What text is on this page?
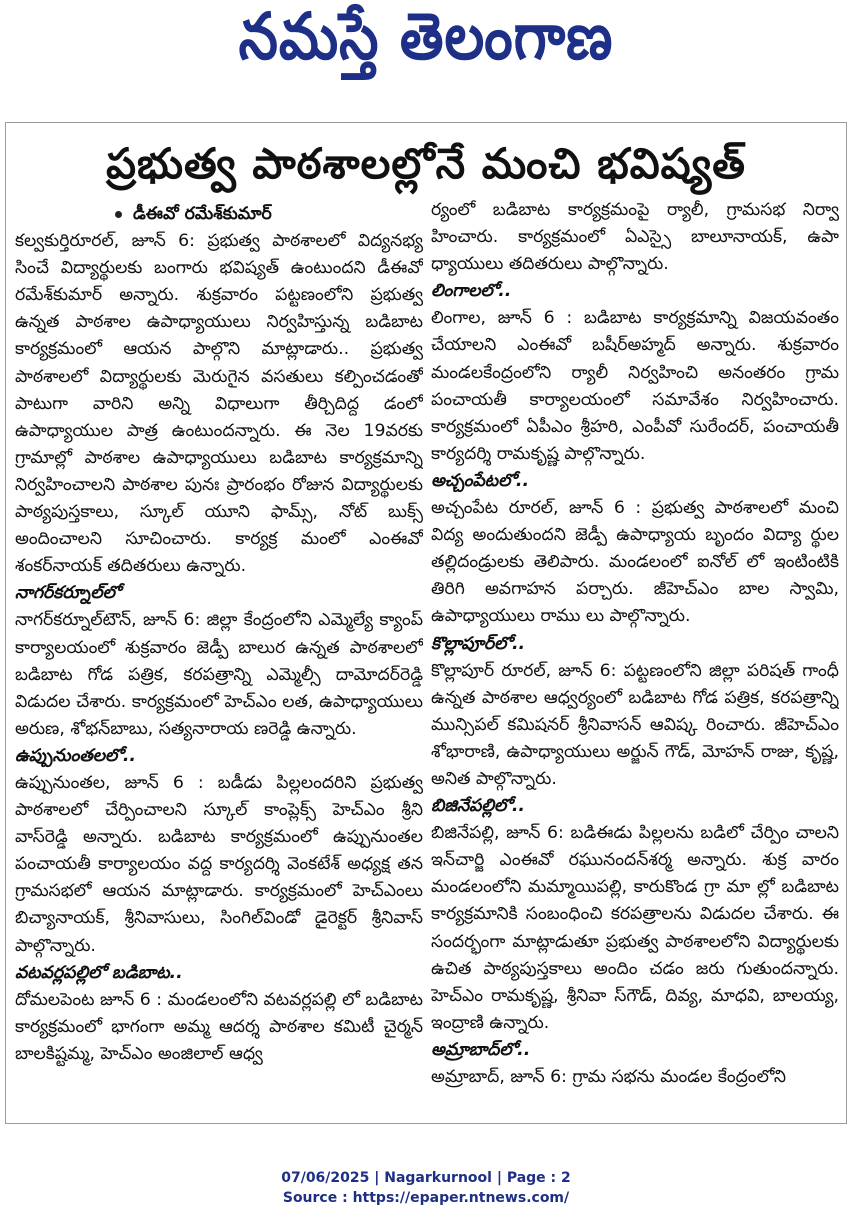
నమస్తే తెలంగాణ
ప్రభుత్వ పాఠశాలల్లోనే మంచి భవిష్యత్
డీఈవో రమేశ్‌కుమార్
కల్వకుర్తిరూరల్, జూన్ 6: ప్రభుత్వ పాఠశాలలో విద్యనభ్య సించే విద్యార్థులకు బంగారు భవిష్యత్ ఉంటుందని డీఈవో రమేశ్‌కుమార్ అన్నారు. శుక్రవారం పట్టణంలోని ప్రభుత్వ ఉన్నత పాఠశాల ఉపాధ్యాయులు నిర్వహిస్తున్న బడిబాట కార్యక్రమంలో ఆయన పాల్గొని మాట్లాడారు.. ప్రభుత్వ పాఠశాలలో విద్యార్థులకు మెరుగైన వసతులు కల్పించడంతో పాటుగా వారిని అన్ని విధాలుగా తీర్చిదిద్ద డంలో ఉపాధ్యాయుల పాత్ర ఉంటుందన్నారు. ఈ నెల 19వరకు గ్రామాల్లో పాఠశాల ఉపాధ్యాయులు బడిబాట కార్యక్రమాన్ని నిర్వహించాలని పాఠశాల పునః ప్రారంభం రోజున విద్యార్థులకు పాఠ్యపుస్తకాలు, స్కూల్ యూని ఫామ్స్, నోట్ బుక్స్ అందించాలని సూచించారు. కార్యక్ర మంలో ఎంఈవో శంకర్‌నాయక్ తదితరులు ఉన్నారు.
నాగర్‌కర్నూల్‌లో
నాగర్‌కర్నూల్‌టౌన్, జూన్ 6: జిల్లా కేంద్రంలోని ఎమ్మెల్యే క్యాంప్ కార్యాలయంలో శుక్రవారం జెడ్పీ బాలుర ఉన్నత పాఠశాలలో బడిబాట గోడ పత్రిక, కరపత్రాన్ని ఎమ్మెల్సీ దామోదర్‌రెడ్డి విడుదల చేశారు. కార్యక్రమంలో హెచ్‌ఎం లత, ఉపాధ్యాయులు అరుణ, శోభన్‌బాబు, సత్యనారాయ ణరెడ్డి ఉన్నారు.
ఉప్పునుంతలలో..
ఉప్పునుంతల, జూన్ 6 : బడీడు పిల్లలందరిని ప్రభుత్వ పాఠశాలలో చేర్పించాలని స్కూల్ కాంప్లెక్స్ హెచ్‌ఎం శ్రీని వాస్‌రెడ్డి అన్నారు. బడిబాట కార్యక్రమంలో ఉప్పునుంతల పంచాయతీ కార్యాలయం వద్ద కార్యదర్శి వెంకటేశ్ అధ్యక్ష తన గ్రామసభలో ఆయన మాట్లాడారు. కార్యక్రమంలో హెచ్‌ఎంలు బిచ్యానాయక్, శ్రీనివాసులు, సింగిల్‌విండో డైరెక్టర్ శ్రీనివాస్ పాల్గొన్నారు.
వటవర్లపల్లిలో బడిబాట..
దోమలపెంట జూన్ 6 : మండలంలోని వటవర్లపల్లి లో బడిబాట కార్యక్రమంలో భాగంగా అమ్మ ఆదర్శ పాఠశాల కమిటీ చైర్మన్ బాలకిష్టమ్మ, హెచ్‌ఎం అంజిలాల్ ఆధ్వ
ర్యంలో బడిబాట కార్యక్రమంపై ర్యాలీ, గ్రామసభ నిర్వా హించారు. కార్యక్రమంలో ఏఎస్సై బాలూనాయక్, ఉపా ధ్యాయులు తదితరులు పాల్గొన్నారు.
లింగాలలో..
లింగాల, జూన్ 6 : బడిబాట కార్యక్రమాన్ని విజయవంతం చేయాలని ఎంఈవో బషీర్‌అహ్మద్ అన్నారు. శుక్రవారం మండలకేంద్రంలోని ర్యాలీ నిర్వహించి అనంతరం గ్రామ పంచాయతీ కార్యాలయంలో సమావేశం నిర్వహించారు. కార్యక్రమంలో ఏపీఎం శ్రీహరి, ఎంపీవో సురేందర్, పంచాయతీ కార్యదర్శి రామకృష్ణ పాల్గొన్నారు.
అచ్చంపేటలో..
అచ్చంపేట రూరల్, జూన్ 6 : ప్రభుత్వ పాఠశాలలో మంచి విద్య అందుతుందని జెడ్పీ ఉపాధ్యాయ బృందం విద్యా ర్థుల తల్లిదండ్రులకు తెలిపారు. మండలంలో ఐనోల్ లో ఇంటింటికి తిరిగి అవగాహన పర్చారు. జీహెచ్‌ఎం బాల స్వామి, ఉపాధ్యాయులు రాము లు పాల్గొన్నారు.
కొల్లాపూర్‌లో..
కొల్లాపూర్ రూరల్, జూన్ 6: పట్టణంలోని జిల్లా పరిషత్ గాంధీ ఉన్నత పాఠశాల ఆధ్వర్యంలో బడిబాట గోడ పత్రిక, కరపత్రాన్ని మున్సిపల్ కమిషనర్ శ్రీనివాసన్ ఆవిష్క రించారు. జీహెచ్‌ఎం శోభారాణి, ఉపాధ్యాయులు అర్జున్ గౌడ్, మోహన్ రాజు, కృష్ణ, అనిత పాల్గొన్నారు.
బిజినేపల్లిలో..
బిజినేపల్లి, జూన్ 6: బడిఈడు పిల్లలను బడిలో చేర్పిం చాలని ఇన్‌చార్జి ఎంఈవో రఘునందన్‌శర్మ అన్నారు. శుక్ర వారం మండలంలోని మమ్మాయిపల్లి, కారుకొండ గ్రా మా ల్లో బడిబాట కార్యక్రమానికి సంబంధించి కరపత్రాలను విడుదల చేశారు. ఈ సందర్భంగా మాట్లాడుతూ ప్రభుత్వ పాఠశాలలోని విద్యార్థులకు ఉచిత పాఠ్యపుస్తకాలు అందిం చడం జరు గుతుందన్నారు. హెచ్‌ఎం రామకృష్ణ, శ్రీనివా స్‌గౌడ్, దివ్య, మాధవి, బాలయ్య, ఇంద్రాణి ఉన్నారు.
అమ్రాబాద్‌లో..
అమ్రాబాద్, జూన్ 6: గ్రామ సభను మండల కేంద్రంలోని
07/06/2025 | Nagarkurnool | Page : 2
Source : https://epaper.ntnews.com/
